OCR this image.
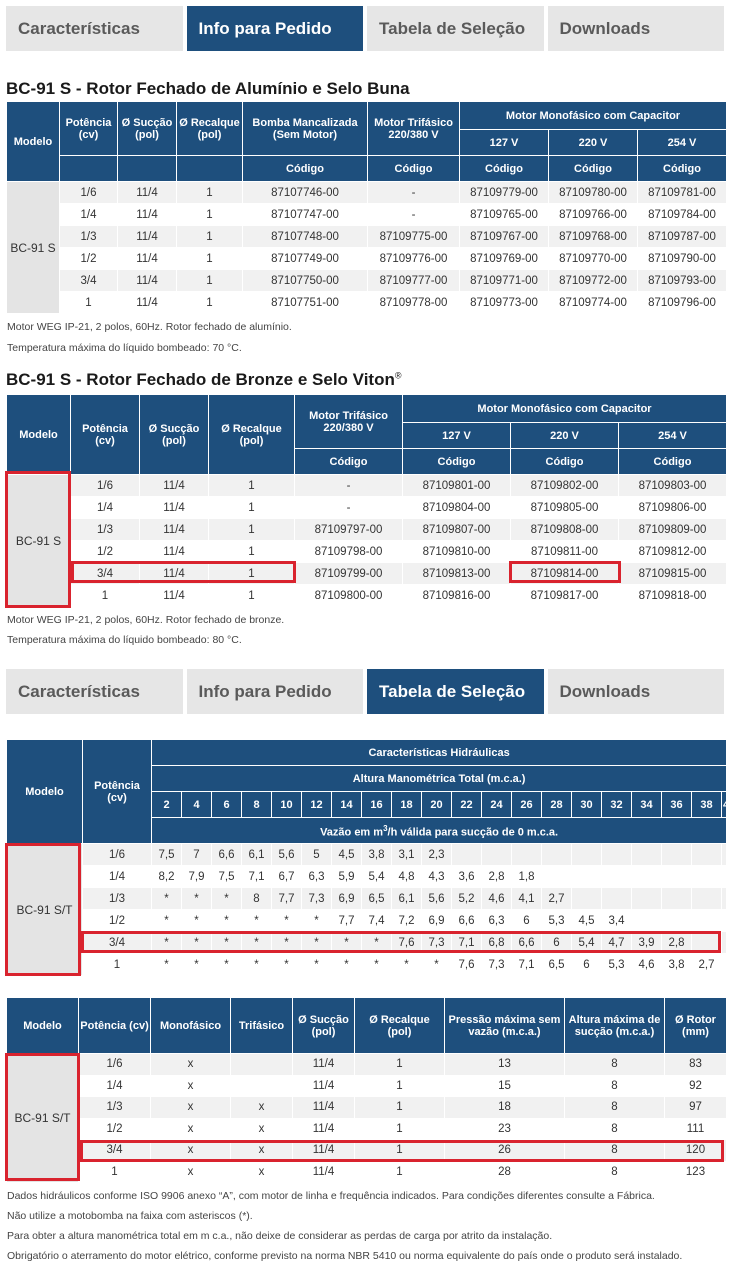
Características	Info para Pedido	Tabela de Seleção	Downloads
BC-91 S - Rotor Fechado de Alumínio e Selo Buna
Modelo	Potência (cv)	Ø Sucção (pol)	Ø Recalque (pol)	Bomba Mancalizada (Sem Motor)	Motor Trifásico 220/380 V	Motor Monofásico com Capacitor		
						127 V	220 V	254 V
				Código	Código	Código	Código	Código
BC-91 S	1/6	11/4	1	87107746-00	-	87109779-00	87109780-00	87109781-00
	1/4	11/4	1	87107747-00	-	87109765-00	87109766-00	87109784-00
	1/3	11/4	1	87107748-00	87109775-00	87109767-00	87109768-00	87109787-00
	1/2	11/4	1	87107749-00	87109776-00	87109769-00	87109770-00	87109790-00
	3/4	11/4	1	87107750-00	87109777-00	87109771-00	87109772-00	87109793-00
	1	11/4	1	87107751-00	87109778-00	87109773-00	87109774-00	87109796-00
Motor WEG IP-21, 2 polos, 60Hz. Rotor fechado de alumínio.
Temperatura máxima do líquido bombeado: 70 °C.
BC-91 S - Rotor Fechado de Bronze e Selo Viton®
Modelo	Potência (cv)	Ø Sucção (pol)	Ø Recalque (pol)	Motor Trifásico 220/380 V	Motor Monofásico com Capacitor		
					127 V	220 V	254 V
				Código	Código	Código	Código
BC-91 S	1/6	11/4	1	-	87109801-00	87109802-00	87109803-00
	1/4	11/4	1	-	87109804-00	87109805-00	87109806-00
	1/3	11/4	1	87109797-00	87109807-00	87109808-00	87109809-00
	1/2	11/4	1	87109798-00	87109810-00	87109811-00	87109812-00
	3/4	11/4	1	87109799-00	87109813-00	87109814-00	87109815-00
	1	11/4	1	87109800-00	87109816-00	87109817-00	87109818-00
Motor WEG IP-21, 2 polos, 60Hz. Rotor fechado de bronze.
Temperatura máxima do líquido bombeado: 80 °C.
Características	Info para Pedido	Tabela de Seleção	Downloads
Modelo	Potência (cv)	Características Hidráulicas																			
		Altura Manométrica Total (m.c.a.)																			
		2	4	6	8	10	12	14	16	18	20	22	24	26	28	30	32	34	36	38	40
		Vazão em $m^3/h$ válida para sucção de 0 m.c.a.																			
BC-91 S/T	1/6	7,5	7	6,6	6,1	5,6	5	4,5	3,8	3,1	2,3										
	1/4	8,2	7,9	7,5	7,1	6,7	6,3	5,9	5,4	4,8	4,3	3,6	2,8	1,8							
	1/3	*	*	*	8	7,7	7,3	6,9	6,5	6,1	5,6	5,2	4,6	4,1	2,7						
	1/2	*	*	*	*	*	*	7,7	7,4	7,2	6,9	6,6	6,3	6	5,3	4,5	3,4				
	3/4	*	*	*	*	*	*	*	*	7,6	7,3	7,1	6,8	6,6	6	5,4	4,7	3,9	2,8		
	1	*	*	*	*	*	*	*	*	*	*	7,6	7,3	7,1	6,5	6	5,3	4,6	3,8	2,7	
Modelo	Potência (cv)	Monofásico	Trifásico	Ø Sucção (pol)	Ø Recalque (pol)	Pressão máxima sem vazão (m.c.a.)	Altura máxima de sucção (m.c.a.)	Ø Rotor (mm)
BC-91 S/T	1/6	x		11/4	1	13	8	83
	1/4	x		11/4	1	15	8	92
	1/3	x	x	11/4	1	18	8	97
	1/2	x	x	11/4	1	23	8	111
	3/4	x	x	11/4	1	26	8	120
	1	x	x	11/4	1	28	8	123
Dados hidráulicos conforme ISO 9906 anexo “A”, com motor de linha e frequência indicados. Para condições diferentes consulte a Fábrica.
Não utilize a motobomba na faixa com asteriscos (*).
Para obter a altura manométrica total em m c.a., não deixe de considerar as perdas de carga por atrito da instalação.
Obrigatório o aterramento do motor elétrico, conforme previsto na norma NBR 5410 ou norma equivalente do país onde o produto será instalado.
